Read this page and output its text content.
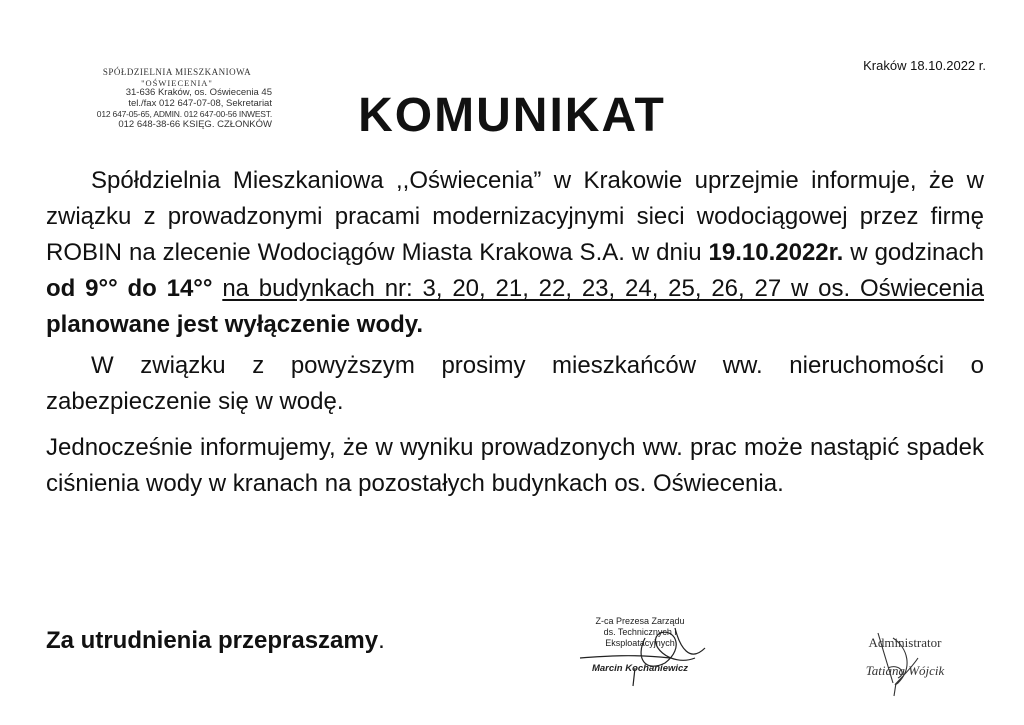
SPÓŁDZIELNIA MIESZKANIOWA
"OŚWIECENIA"
31-636 Kraków, os. Oświecenia 45
tel./fax 012 647-07-08, Sekretariat
012 647-05-65, ADMIN. 012 647-00-56 INWEST.
012 648-38-66 KSIĘG. CZŁONKÓW
Kraków 18.10.2022 r.
KOMUNIKAT

Spółdzielnia Mieszkaniowa ,,Oświecenia” w Krakowie uprzejmie informuje, że w związku z prowadzonymi pracami modernizacyjnymi sieci wodociągowej przez firmę ROBIN na zlecenie Wodociągów Miasta Krakowa S.A. w dniu 19.10.2022r. w godzinach od 9°° do 14°° na budynkach nr: 3, 20, 21, 22, 23, 24, 25, 26, 27 w os. Oświecenia planowane jest wyłączenie wody.

W związku z powyższym prosimy mieszkańców ww. nieruchomości o zabezpieczenie się w wodę.

Jednocześnie informujemy, że w wyniku prowadzonych ww. prac może nastąpić spadek ciśnienia wody w kranach na pozostałych budynkach os. Oświecenia.

Za utrudnienia przepraszamy.
Z-ca Prezesa Zarządu
ds. Technicznych i Eksploatacyjnych
Marcin Kochaniewicz
Administrator
Tatiana Wójcik
